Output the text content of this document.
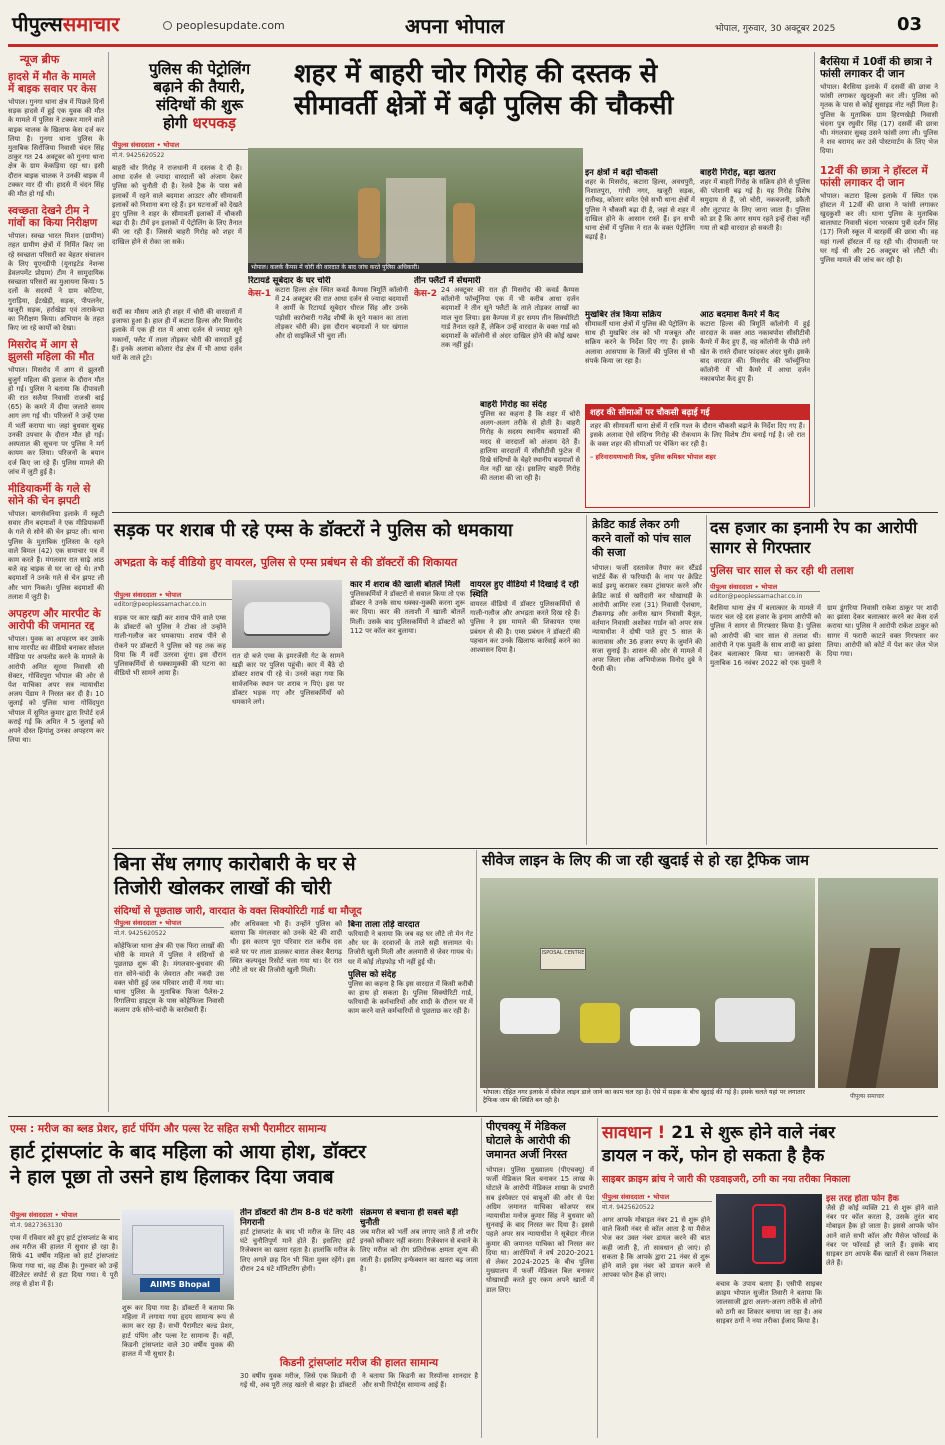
पीपुल्ससमाचार	peoplesupdate.com	अपना भोपाल	भोपाल, गुरुवार, 30 अक्टूबर 2025	03
न्यूज ब्रीफ
हादसे में मौत के मामले में बाइक सवार पर केस
भोपाल। गुनगा थाना क्षेत्र में पिछले दिनों सड़क हादसे में हुई एक युवक की मौत के मामले में पुलिस ने टक्कर मारने वाले बाइक चालक के खिलाफ केस दर्ज कर लिया है। गुनगा थाना पुलिस के मुताबिक सिरोंजिया निवासी चंदन सिंह ठाकुर गत 24 अक्टूबर को गुनगा थाना क्षेत्र के ग्राम केकड़िया रहा था। इसी दौरान बाइक चालक ने उनकी बाइक में टक्कर मार दी थी। हादसे में चंदन सिंह की मौत हो गई थी।
स्वच्छता देखने टीम ने गांवों का किया निरीक्षण
भोपाल। स्वच्छ भारत मिशन (ग्रामीण) तहत ग्रामीण क्षेत्रों में निर्मित किए जा रहे स्वच्छता परिसरों का बेहतर संचालन के लिए यूएनडीपी (यूनाइटेड नेशन्स डेवलपमेंट प्रोग्राम) टीम ने सामुदायिक स्वच्छता परिसरों का मुआयना किया। 5 दलों के सदस्यों ने ग्राम कोटिया, गुराड़िया, ईंटखेड़ी, सड़क, पीपलनेर, खजूरी सड़क, हर्राखेड़ा एवं ताराकेन्दा का निरीक्षण किया। अभियान के तहत किए जा रहे कार्यों को देखा।
मिसरोद में आग से झुलसी महिला की मौत
भोपाल। मिसरोद में आग से झुलसी बुजुर्ग महिला की इलाज के दौरान मौत हो गई। पुलिस ने बताया कि दीपावली की रात सलैया निवासी राजश्री बाई (65) के कमरे में दीया जलाते समय आग लग गई थी। परिजनों ने उन्हें एम्स में भर्ती कराया था। जहां बुधवार सुबह उनकी उपचार के दौरान मौत हो गई। अस्पताल की सूचना पर पुलिस ने मर्ग कायम कर लिया। परिजनों के बयान दर्ज किए जा रहे हैं। पुलिस मामले की जांच में जुटी हुई है।
मीडियाकर्मी के गले से सोने की चेन झपटी
भोपाल। बागसेवनिया इलाके में स्कूटी सवार तीन बदमाशों ने एक मीडियाकर्मी के गले से सोने की चेन झपट ली। थाना पुलिस के मुताबिक गुलिस्ता के रहने वाले बिमल (42) एक समाचार पत्र में काम करते हैं। मंगलवार रात साढ़े आठ बजे वह बाइक से घर जा रहे थे। तभी बदमाशों ने उनके गले से चेन झपट ली और भाग निकले। पुलिस बदमाशों की तलाश में जुटी है।
अपहरण और मारपीट के आरोपी की जमानत रद्द
भोपाल। युवक का अपहरण कर उसके साथ मारपीट का वीडियो बनाकर सोशल मीडिया पर अपलोड करने के मामले के आरोपी अमित सूरमा निवासी सी सेक्टर, गोविंदपुरा भोपाल की ओर से पेश याचिका अपर सत्र न्यायाधीश अजय पेंडाम ने निरस्त कर दी है। 10 जुलाई को पुलिस थाना गोविंदपुरा भोपाल में सुमित कुमार द्वारा रिपोर्ट दर्ज कराई गई कि अमित ने 5 जुलाई को अपने दोस्त हिमांशु उनका अपहरण कर लिया था।
पुलिस की पेट्रोलिंग
बढ़ाने की तैयारी,
संदिग्धों की शुरू
होगी धरपकड़
शहर में बाहरी चोर गिरोह की दस्तक से
सीमावर्ती क्षेत्रों में बढ़ी पुलिस की चौकसी
पीपुल्स संवाददाता • भोपाल
मो.नं. 9425620522
बाहरी चोर गिरोह ने राजधानी में दस्तक दे दी है। आधा दर्जन से ज्यादा वारदातों को अंजाम देकर पुलिस को चुनौती दी है। रेलवे ट्रैक के पास बसे इलाकों में रहने वाले बदमाश आउटर और सीमावर्ती इलाकों को निशाना बना रहे हैं। इन घटनाओं को देखते हुए पुलिस ने शहर के सीमावर्ती इलाकों में चौकसी बढ़ा दी है। टीमें इन इलाकों में पेट्रोलिंग के लिए तैनात की जा रही हैं। जिससे बाहरी गिरोह को शहर में दाखिल होने से रोका जा सके।
सर्दी का मौसम आते ही शहर में चोरी की वारदातों में इजाफा हुआ है। हाल ही में कटारा हिल्स और मिसरोद इलाके में एक ही रात में आधा दर्जन से ज्यादा सूने मकानों, फ्लैट में ताला तोड़कर चोरी की वारदातें हुई हैं। इनके अलावा कोलार रोड क्षेत्र में भी आधा दर्जन घरों के ताले टूटे।
भोपाल। कलर्क कैंपस में चोरी की वारदात के बाद जांच करते पुलिस अधिकारी।
रिटायर्ड सूबेदार के घर चोरी
केस-1 कटारा हिल्स क्षेत्र स्थित कवर्ड कैम्पस त्रिमूर्ति कॉलोनी में 24 अक्टूबर की रात आधा दर्जन से ज्यादा बदमाशों ने आर्मी के रिटायर्ड सूबेदार धीरज सिंह और उनके पड़ोसी कारोबारी गजेंद्र शीर्षी के सूने मकान का ताला तोड़कर चोरी की। इस दौरान बदमाशों ने घर खंगाल और दो साइकिलें भी चुरा लीं।
तीन फ्लैटों में सेंधमारी
केस-2 24 अक्टूबर की रात ही मिसरोद की कवर्ड कैम्पस कॉलोनी फॉर्च्यूनिया एक में भी करीब आधा दर्जन बदमाशों ने तीन सूने फ्लैटों के ताले तोड़कर लाखों का माल चुरा लिया। इस कैम्पस में हर समय तीन सिक्योरिटी गार्ड तैनात रहते हैं, लेकिन उन्हें वारदात के वक्त गार्ड को बदमाशों के कॉलोनी से अंदर दाखिल होने की कोई खबर तक नहीं हुई।
इन क्षेत्रों में बढ़ी चौकसी
शहर के मिसरोद, कटारा हिल्स, अवधपुरी, निशातपुरा, गांधी नगर, खजूरी सड़क, रातीबड़, कोलार समेत ऐसे सभी थाना क्षेत्रों में पुलिस ने चौकसी बढ़ा दी है, जहां से शहर में दाखिल होने के आसान रास्ते हैं। इन सभी थाना क्षेत्रों में पुलिस ने रात के वक्त पेट्रोलिंग बढ़ाई है।
मुखबिर तंत्र किया सक्रिय
सीमावर्ती थाना क्षेत्रों में पुलिस की पेट्रोलिंग के साथ ही मुखबिर तंत्र को भी मजबूत और सक्रिय करने के निर्देश दिए गए हैं। इसके अलावा आसपास के जिलों की पुलिस से भी संपर्क किया जा रहा है।
बाहरी गिरोह, बड़ा खतरा
शहर में बाहरी गिरोह के सक्रिय होने से पुलिस की परेशानी बढ़ गई है। यह गिरोह विशेष समुदाय से हैं, जो चोरी, नकबजनी, डकैती और लूटपाट के लिए जाना जाता है। पुलिस को डर है कि अगर समय रहते इन्हें रोका नहीं गया तो बड़ी वारदात हो सकती है।
आठ बदमाश कैमरे में कैद
कटारा हिल्स की त्रिमूर्ति कॉलोनी में हुई वारदात के वक्त आठ नकाबपोश सीसीटीवी कैमरे में कैद हुए हैं, वह कॉलोनी के पीछे लगे खेत के रास्ते दीवार फांदकर अंदर घुसे। इसके बाद वारदात की। मिसरोद की फॉर्च्यूनिया कॉलोनी में भी कैमरे में आधा दर्जन नकाबपोश कैद हुए हैं।
बाहरी गिरोह का संदेह
पुलिस का कहना है कि शहर में चोरी अलग-अलग तरीके से होती है। बाहरी गिरोह के सदस्य स्थानीय बदमाशों की मदद से वारदातों को अंजाम देते हैं। हालिया वारदातों में सीसीटीवी फुटेज में दिखे संदिग्धों के चेहरे स्थानीय बदमाशों से मेल नहीं खा रहे। इसलिए बाहरी गिरोह की तलाश की जा रही है।
शहर की सीमाओं पर चौकसी बढ़ाई गई
शहर की सीमावर्ती थाना क्षेत्रों में रात्रि गश्त के दौरान चौकसी बढ़ाने के निर्देश दिए गए हैं। इसके अलावा ऐसे संदिग्ध गिरोह की रोकथाम के लिए विशेष टीम बनाई गई है। जो रात के वक्त शहर की सीमाओं पर चेकिंग कर रही है।
– हरिनारायणाचारी मिश्र, पुलिस कमिश्नर भोपाल शहर
बैरसिया में 10वीं की छात्रा ने फांसी लगाकर दी जान
भोपाल। बैरसिया इलाके में दसवीं की छात्रा ने फांसी लगाकर खुदकुशी कर ली। पुलिस को मृतक के पास से कोई सुसाइड नोट नहीं मिला है। पुलिस के मुताबिक ग्राम हिरणखेड़ी निवासी चंदना पुत्र रघुवीर सिंह (17) दसवीं की छात्रा थी। मंगलवार सुबह उसने फांसी लगा ली। पुलिस ने शव बरामद कर उसे पोस्टमार्टम के लिए भेज दिया।
12वीं की छात्रा ने हॉस्टल में फांसी लगाकर दी जान
भोपाल। कटारा हिल्स इलाके में स्थित एक हॉस्टल में 12वीं की छात्रा ने फांसी लगाकर खुदकुशी कर ली। थाना पुलिस के मुताबिक बालाघाट निवासी चंदना भरकाम पुत्री दर्शन सिंह (17) निजी स्कूल में बारहवीं की छात्रा थी। वह यहां गर्ल्स हॉस्टल में रह रही थी। दीपावली पर घर गई थी और 26 अक्टूबर को लौटी थी। पुलिस मामले की जांच कर रही है।
सड़क पर शराब पी रहे एम्स के डॉक्टरों ने पुलिस को धमकाया
अभद्रता के कई वीडियो हुए वायरल, पुलिस से एम्स प्रबंधन से की डॉक्टरों की शिकायत
पीपुल्स संवाददाता • भोपाल
editor@peoplessamachar.co.in
सड़क पर कार खड़ी कर शराब पीने वाले एम्स के डॉक्टरों को पुलिस ने टोका तो उन्होंने गाली-गलौज कर धमकाया। शराब पीने से रोकने पर डॉक्टरों ने पुलिस को यह तक कह दिया कि मैं वर्दी उतरवा दूंगा। इस दौरान पुलिसकर्मियों से धक्कामुक्की की घटना का वीडियो भी सामने आया है।
रात दो बजे एम्स के इमरजेंसी गेट के सामने खड़ी कार पर पुलिस पहुंची। कार में बैठे दो डॉक्टर शराब पी रहे थे। उनसे कहा गया कि सार्वजनिक स्थान पर शराब न पिएं। इस पर डॉक्टर भड़क गए और पुलिसकर्मियों को धमकाने लगे।
कार में शराब की खाली बोतलें मिलीं
पुलिसकर्मियों ने डॉक्टरों से सवाल किया तो एक डॉक्टर ने उनके साथ धक्का-मुक्की करना शुरू कर दिया। कार की तलाशी में खाली बोतलें मिलीं। उसके बाद पुलिसकर्मियों ने डॉक्टरों को 112 पर कॉल कर बुलाया।
वायरल हुए वीडियो में दिखाई दे रही स्थिति
वायरल वीडियो में डॉक्टर पुलिसकर्मियों से गाली-गलौज और अभद्रता करते दिख रहे हैं। पुलिस ने इस मामले की शिकायत एम्स प्रबंधन से की है। एम्स प्रबंधन ने डॉक्टरों की पहचान कर उनके खिलाफ कार्रवाई करने का आश्वासन दिया है।
क्रेडिट कार्ड लेकर ठगी करने वालों को पांच साल की सजा
भोपाल। फर्जी दस्तावेज तैयार कर स्टैंडर्ड चार्टर्ड बैंक से फरियादी के नाम पर क्रेडिट कार्ड इश्यू कराकर रकम ट्रांसफर करने और क्रेडिट कार्ड से खरीदारी कर धोखाधड़ी के आरोपी आमिर रजा (31) निवासी ऐशबाग, टीकमगढ़ और अनीस खान निवासी बैतूल, वर्तमान निवासी अशोका गार्डन को अपर सत्र न्यायाधीश ने दोषी पाते हुए 5 साल के कारावास और 36 हजार रुपए के जुर्माने की सजा सुनाई है। शासन की ओर से मामले में अपर जिला लोक अभियोजक विनोद दुबे ने पैरवी की।
दस हजार का इनामी रेप का आरोपी सागर से गिरफ्तार
पुलिस चार साल से कर रही थी तलाश
पीपुल्स संवाददाता • भोपाल
editor@peoplessamachar.co.in
बैरसिया थाना क्षेत्र में बलात्कार के मामले में फरार चल रहे दस हजार के इनाम आरोपी को पुलिस ने सागर से गिरफ्तार किया है। पुलिस को आरोपी की चार साल से तलाश थी। आरोपी ने एक युवती के साथ शादी का झांसा देकर बलात्कार किया था। जानकारी के मुताबिक 16 नवंबर 2022 को एक युवती ने ग्राम डूंगरिया निवासी राकेश ठाकुर पर शादी का झांसा देकर बलात्कार करने का केस दर्ज कराया था। पुलिस ने आरोपी राकेश ठाकुर को सागर में फरारी काटते वक्त गिरफ्तार कर लिया। आरोपी को कोर्ट में पेश कर जेल भेज दिया गया।
बिना सेंध लगाए कारोबारी के घर से
तिजोरी खोलकर लाखों की चोरी
संदिग्धों से पूछताछ जारी, वारदात के वक्त सिक्योरिटी गार्ड था मौजूद
पीपुल्स संवाददाता • भोपाल
मो.नं. 9425620522
कोहेफिजा थाना क्षेत्र की एक फिरा लाखों की चोरी के मामले में पुलिस ने संदिग्धों से पूछताछ शुरू की है। मंगलवार-बुधवार की रात सोने-चांदी के जेवरात और नकदी उस वक्त चोरी हुई जब परिवार शादी में गया था। थाना पुलिस के मुताबिक फिजा पैलेस-2 रिगालिया हाइट्स के पास कोहेफिजा निवासी कलाम उर्फ सोने-चांदी के कारोबारी हैं।
और अधिवक्ता भी हैं। उन्होंने पुलिस को बताया कि मंगलवार को उनके बेटे की शादी थी। इस कारण पूरा परिवार रात करीब दस बजे घर पर ताला डालकर बारात लेकर बैरागढ़ स्थित कल्पवृक्ष रिसोर्ट चला गया था। देर रात लौटे तो घर की तिजोरी खुली मिली।
बिना ताला तोड़े वारदात
फरियादी ने बताया कि जब वह घर लौटे तो मेन गेट और घर के दरवाजों के ताले सही सलामत थे। तिजोरी खुली मिली और अलमारी से जेवर गायब थे। घर में कोई तोड़फोड़ भी नहीं हुई थी।
पुलिस को संदेह
पुलिस का कहना है कि इस वारदात में किसी करीबी का हाथ हो सकता है। पुलिस सिक्योरिटी गार्ड, फरियादी के कर्मचारियों और शादी के दौरान घर में काम करने वाले कर्मचारियों से पूछताछ कर रही है।
सीवेज लाइन के लिए की जा रही खुदाई से हो रहा ट्रैफिक जाम
ISPOSAL CENTRE
भोपाल। रोहित नगर इलाके में सीवेज लाइन डाले जाने का काम चल रहा है। ऐसे में सड़क के बीच खुदाई की गई है। इसके चलते यहां पर लगातार ट्रैफिक जाम की स्थिति बन रही है।
पीपुल्स समाचार
एम्स : मरीज का ब्लड प्रेशर, हार्ट पंपिंग और पल्स रेट सहित सभी पैरामीटर सामान्य
हार्ट ट्रांसप्लांट के बाद महिला को आया होश, डॉक्टर
ने हाल पूछा तो उसने हाथ हिलाकर दिया जवाब
पीपुल्स संवाददाता • भोपाल
मो.नं. 9827363130
एम्स में रविवार को हुए हार्ट ट्रांसप्लांट के बाद अब मरीज की हालत में सुधार हो रहा है। सिर्फ 41 वर्षीय महिला को हार्ट ट्रांसप्लांट किया गया था, वह ठीक है। गुरुवार को उन्हें वेंटिलेटर सपोर्ट से हटा दिया गया। ये पूरी तरह से होश में हैं।	AIIMS Bhopal
शुरू कर दिया गया है। डॉक्टरों ने बताया कि महिला में लगाया गया हृदय सामान्य रूप से काम कर रहा है। सभी पैरामीटर बल्ड प्रेशर, हार्ट पंपिंग और पल्स रेट सामान्य हैं। वहीं, किडनी ट्रांसप्लांट वाले 30 वर्षीय युवक की हालत में भी सुधार है।
तीन डॉक्टरों की टीम 8-8 घंटे करेगी निगरानी
हार्ट ट्रांसप्लांट के बाद भी मरीज के लिए 48 घंटे चुनौतिपूर्ण माने होते हैं। इसलिए हार्ट रिजेक्शन का खतरा रहता है। हालांकि मरीज के लिए अगले छह दिन भी चिंता मुक्त रहेंगे। इस दौरान 24 घंटे मॉनिटरिंग होगी।
संक्रमण से बचाना ही सबसे बड़ी चुनौती
जब मरीज को भर्ती अब लगाए जाते हैं तो शरीर इनको स्वीकार नहीं करता। रिजेक्शन से बचाने के लिए मरीज को रोग प्रतिरोधक क्षमता शून्य की जाती है। इसलिए इन्फेक्शन का खतरा बढ़ जाता है।
किडनी ट्रांसप्लांट मरीज की हालत सामान्य
30 वर्षीय युवक मरीज, जिसे एक किडनी दी गई थी, अब पूरी तरह खतरे से बाहर है। डॉक्टरों ने बताया कि किडनी का रिस्पॉन्स शानदार है और सभी रिपोर्ट्स सामान्य आई हैं।
पीएचक्यू में मेडिकल घोटाले के आरोपी की जमानत अर्जी निरस्त
भोपाल। पुलिस मुख्यालय (पीएचक्यू) में फर्जी मेडिकल बिल बनाकर 15 लाख के घोटाले के आरोपी मेडिकल शाखा के प्रभारी सब इंस्पेक्टर एवं बाबूओं की ओर से पेश अग्रिम जमानत याचिका कोअपर सत्र न्यायाधीश मनोज कुमार सिंह ने बुधवार को सुनवाई के बाद निरस्त कर दिया है। इससे पहले अपर सत्र न्यायाधीश ने सूबेदार नीरज कुमार की जमानत याचिका को निरस्त कर दिया था। आरोपियों ने वर्ष 2020-2021 से लेकर 2024-2025 के बीच पुलिस मुख्यालय में फर्जी मेडिकल बिल बनाकर धोखाधड़ी करते हुए रकम अपने खातों में डाल लिए।
सावधान ! 21 से शुरू होने वाले नंबर
डायल न करें, फोन हो सकता है हैक
साइबर क्राइम ब्रांच ने जारी की एडवाइजरी, ठगी का नया तरीका निकाला
पीपुल्स संवाददाता • भोपाल
मो.नं. 9425620522
अगर आपके मोबाइल नंबर 21 से शुरू होने वाले किसी नंबर से कॉल आता है या मैसेज भेज कर उक्त नंबर डायल करने की बात कही जाती है, तो सावधान हो जाएं। हो सकता है कि आपके द्वारा 21 नंबर से शुरू होने वाले इस नंबर को डायल करने से आपका फोन हैक हो जाए।
बचाव के उपाय बताए हैं। एसीपी साइबर क्राइम भोपाल सुजीत तिवारी ने बताया कि जालसाजी द्वारा अलग-अलग तरीके से लोगों को ठगी का शिकार बनाया जा रहा है। अब साइबर ठगों ने नया तरीका ईजाद किया है।
इस तरह होता फोन हैक
जैसे ही कोई व्यक्ति 21 से शुरू होने वाले नंबर पर कॉल करता है, उसके तुरंत बाद मोबाइल हैक हो जाता है। इससे आपके फोन आने वाले सभी कॉल और मैसेज फॉरवर्ड के नंबर पर फॉरवर्ड हो जाते हैं। इसके बाद साइबर ठग आपके बैंक खातों से रकम निकाल लेते हैं।
